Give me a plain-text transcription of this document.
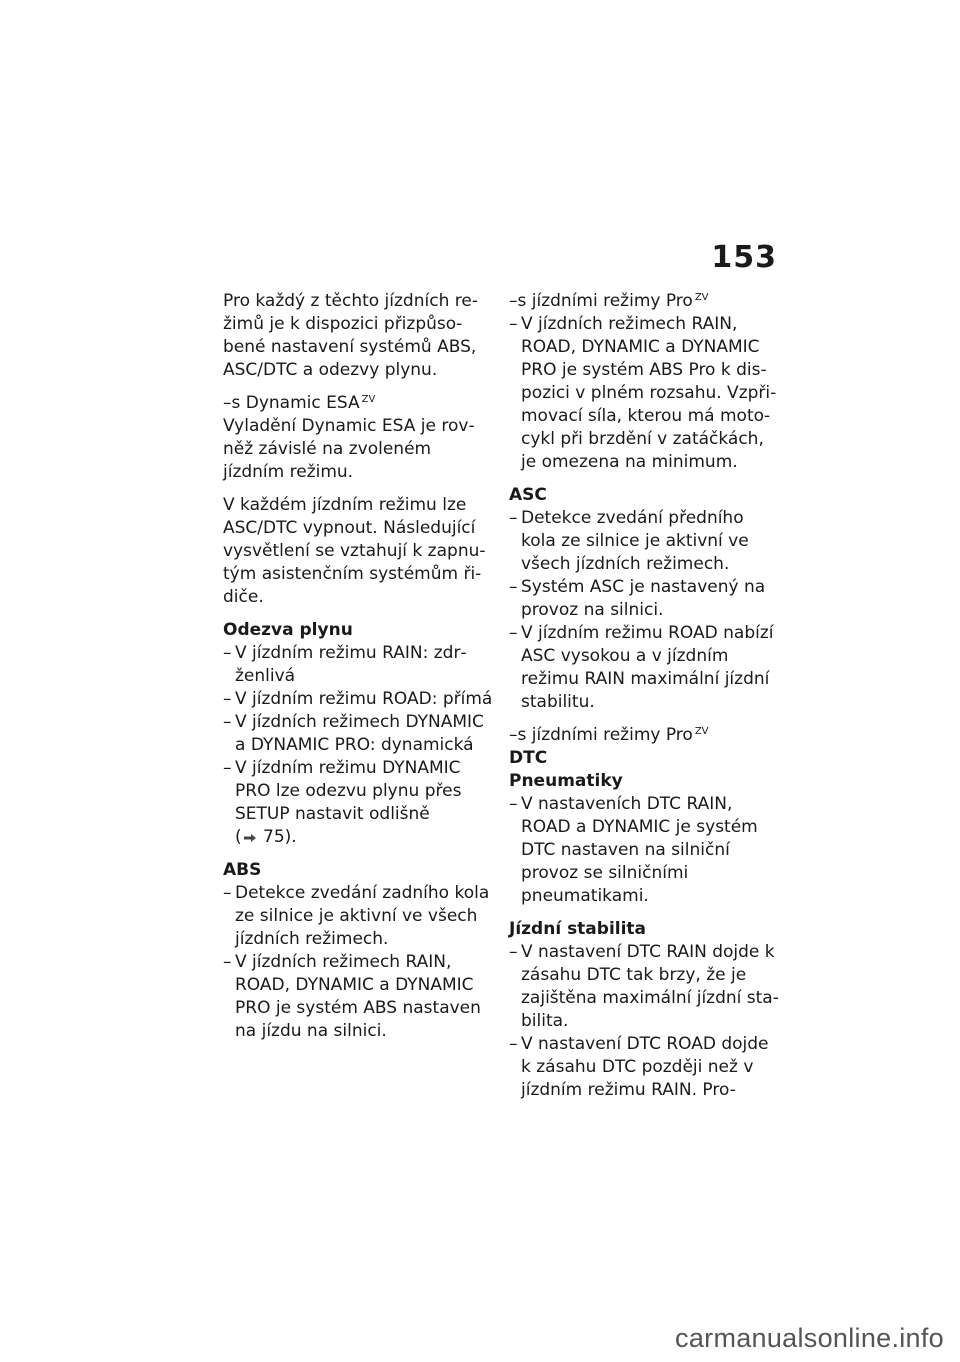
153

Pro každý z těchto jízdních režimů je k dispozici přizpůsobené nastavení systémů ABS, ASC/DTC a odezvy plynu.

–s Dynamic ESA $^{ZV}$

Vyladění Dynamic ESA je rovněž závislé na zvoleném jízdním režimu.

V každém jízdním režimu lze ASC/DTC vypnout. Následující vysvětlení se vztahují k zapnutým asistenčním systémům řidiče.

Odezva plynu
– V jízdním režimu RAIN: zdrženlivá
– V jízdním režimu ROAD: přímá
– V jízdních režimech DYNAMIC a DYNAMIC PRO: dynamická
– V jízdním režimu DYNAMIC PRO lze odezvu plynu přes SETUP nastavit odlišně
( 75).
ABS
– Detekce zvedání zadního kola ze silnice je aktivní ve všech jízdních režimech.
– V jízdních režimech RAIN, ROAD, DYNAMIC a DYNAMIC PRO je systém ABS nastaven na jízdu na silnici.
–s jízdními režimy Pro $^{ZV}$
– V jízdních režimech RAIN, ROAD, DYNAMIC a DYNAMIC PRO je systém ABS Pro k dispozici v plném rozsahu. Vzpřimovací síla, kterou má motocykl při brzdění v zatáčkách, je omezena na minimum.
ASC
– Detekce zvedání předního kola ze silnice je aktivní ve všech jízdních režimech.
– Systém ASC je nastavený na provoz na silnici.
– V jízdním režimu ROAD nabízí ASC vysokou a v jízdním režimu RAIN maximální jízdní stabilitu.
–s jízdními režimy Pro $^{ZV}$
DTC
Pneumatiky
– V nastaveních DTC RAIN, ROAD a DYNAMIC je systém DTC nastaven na silniční provoz se silničními pneumatikami.
Jízdní stabilita
– V nastavení DTC RAIN dojde k zásahu DTC tak brzy, že je zajištěna maximální jízdní stabilita.
– V nastavení DTC ROAD dojde k zásahu DTC později než v jízdním režimu RAIN. Pro-
carmanualsonline.info
